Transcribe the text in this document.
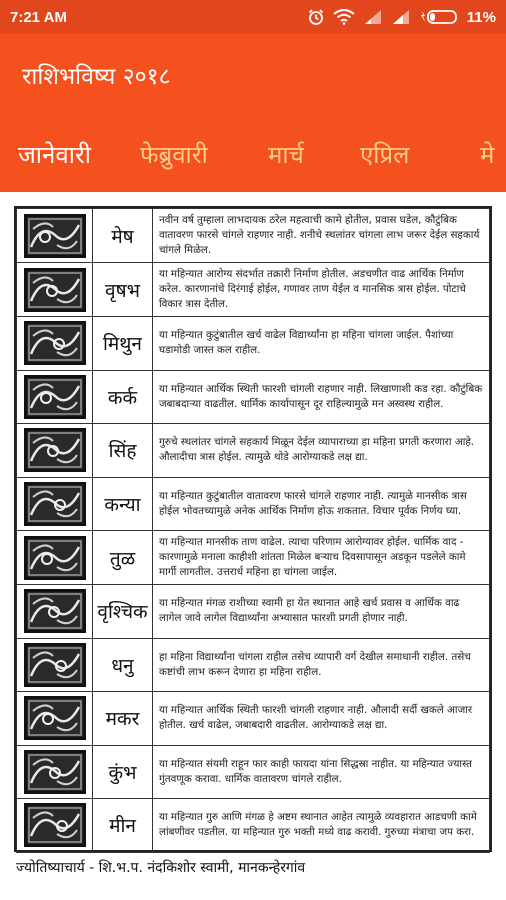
7:21 AM	11%
राशिभविष्य २०१८
जानेवारी फेब्रुवारी	मार्च एप्रिल	मे
	मेष	नवीन वर्ष तुम्हाला लाभदायक ठरेल महत्वाची कामे होतील, प्रवास घडेल, कौटुंबिक वातावरण फारसे चांगले राहणार नाही. शनीचे स्थलांतर चांगला लाभ जरूर देईल सहकार्य चांगले मिळेल.

	वृषभ	या महिन्यात आरोग्य संदर्भात तक्रारी निर्माण होतील. अडचणीत वाढ आर्थिक निर्माण करेल. कारणानांचे दिरंगाई होईल, गणावर ताण येईल व मानसिक त्रास होईल. पोटाचे विकार त्रास देतील.

	मिथुन	या महिन्यात कुटुंबातील खर्च वाढेल विद्यार्थ्यांना हा महिना चांगला जाईल. पैशांच्या घडामोडी जास्त कल राहील.

	कर्क	या महिन्यात आर्थिक स्थिती फारशी चांगली राहणार नाही. लिखाणाशी कड रहा. कौटुंबिक जबाबदाऱ्या वाढतील. धार्मिक कार्यापासून दूर राहिल्यामुळे मन अस्वस्थ राहील.

	सिंह	गुरुचे स्थलांतर चांगले सहकार्य मिळून देईल व्यापाराच्या हा महिना प्रगती करणारा आहे. औलादीचा त्रास होईल. त्यामुळे थोडे आरोग्याकडे लक्ष द्या.

	कन्या	या महिन्यात कुटुंबातील वातावरण फारसे चांगले राहणार नाही. त्यामुळे मानसीक त्रास होईल भोवतच्यामुळे अनेक आर्थिक निर्माण होऊ शकतात. विचार पूर्वक निर्णय घ्या.

	तुळ	या महिन्यात मानसीक ताण वाढेल. त्याचा परिणाम आरोग्यावर होईल. धार्मिक वाद - कारणामुळे मनाला काहीशी शांतता मिळेल बऱ्याच दिवसापासून अडकून पडलेले कामे मार्गी लागतील. उत्तरार्ध महिना हा चांगला जाईल.

	वृश्चिक	या महिन्यात मंगळ राशीच्या स्वामी हा येत स्थानात आहे खर्च प्रवास व आर्थिक वाढ लागेल जावे लागेल विद्यार्थ्यांना अभ्यासात फारशी प्रगती होणार नाही.

	धनु	हा महिना विद्यार्थ्यांना चांगला राहील तसेच व्यापारी वर्ग देखील समाधानी राहील. तसेच कष्टांची लाभ करून देणारा हा महिना राहील.

	मकर	या महिन्यात आर्थिक स्थिती फारशी चांगली राहणार नाही. औलादी सर्दी खकले आजार होतील. खर्च वाढेल, जबाबदारी वाढतील. आरोग्याकडे लक्ष द्या.

	कुंभ	या महिन्यात संयमी राहून फार काही फायदा यांना सिद्धस्रा नाहीत. या महिन्यात ज्यास्त गुंतवणूक करावा. धार्मिक वातावरण चांगले राहील.

	मीन	या महिन्यात गुरु आणि मंगळ हे अष्टम स्थानात आहेत त्यामुळे व्यवहारात आडचणी कामे लांबणीवर पडतील. या महिन्यात गुरु भक्ती मध्ये वाढ करावी. गुरुच्या मंत्राचा जप करा.
ज्योतिष्याचार्य - शि.भ.प. नंदकिशोर स्वामी, मानकन्हेरगांव
